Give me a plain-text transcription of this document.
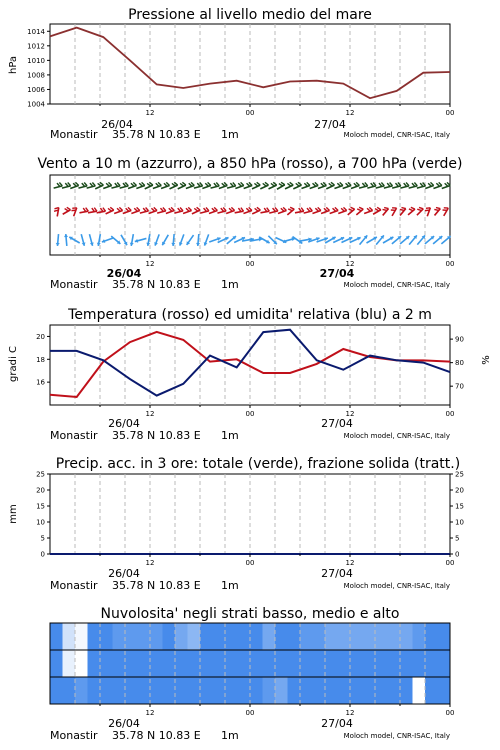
Pressione al livello medio del mare
hPa
1014
1012
1010
1008
1006
1004
12	00	12	00
26/04	27/04
Monastir 35.78 N 10.83 E 1m	Moloch model, CNR-ISAC, Italy
Vento a 10 m (azzurro), a 850 hPa (rosso), a 700 hPa (verde)
12	00	12	00
26/04	27/04
Monastir 35.78 N 10.83 E 1m	Moloch model, CNR-ISAC, Italy
Temperatura (rosso) ed umidita' relativa (blu) a 2 m
gradi C	%
18
20
16
90
80
70
12	00	12	00
26/04	27/04
Monastir 35.78 N 10.83 E 1m	Moloch model, CNR-ISAC, Italy
Precip. acc. in 3 ore: totale (verde), frazione solida (tratt.)
mm
25	25
20	20
15	15
10	10
5	5
0	0
12	00	12	00
26/04	27/04
Monastir 35.78 N 10.83 E 1m	Moloch model, CNR-ISAC, Italy
Nuvolosita' negli strati basso, medio e alto
12	00	12	00
26/04	27/04
Monastir 35.78 N 10.83 E 1m	Moloch model, CNR-ISAC, Italy
